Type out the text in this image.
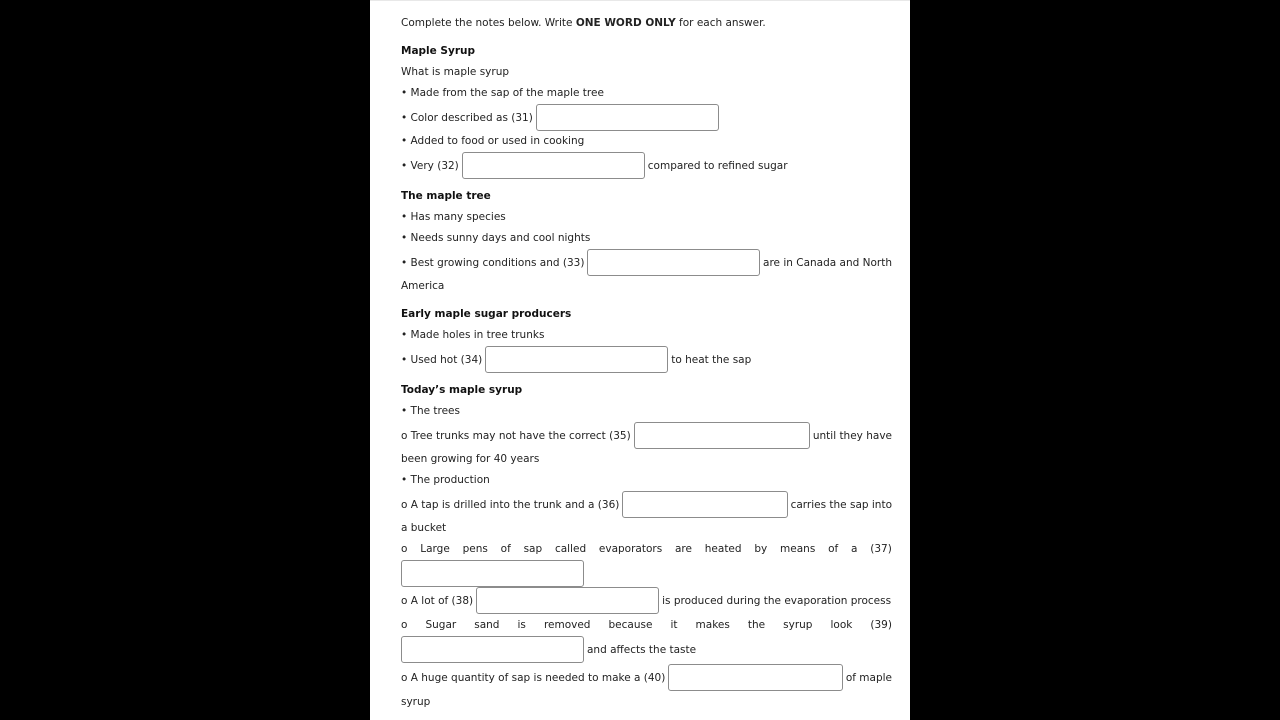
Complete the notes below. Write ONE WORD ONLY for each answer.
Maple Syrup
What is maple syrup
• Made from the sap of the maple tree
• Color described as (31)
• Added to food or used in cooking
• Very (32)	compared to refined sugar
The maple tree
• Has many species
• Needs sunny days and cool nights
• Best growing conditions and (33)	are in Canada and North
America
Early maple sugar producers
• Made holes in tree trunks
• Used hot (34)	to heat the sap
Today’s maple syrup
• The trees
o Tree trunks may not have the correct (35)	until they have
been growing for 40 years
• The production
o A tap is drilled into the trunk and a (36)	carries the sap into
a bucket
o Large pens of sap called evaporators are heated by means of a (37)
o A lot of (38)	is produced during the evaporation process
o Sugar sand is removed because it makes the syrup look (39)
and affects the taste
o A huge quantity of sap is needed to make a (40)	of maple
syrup
